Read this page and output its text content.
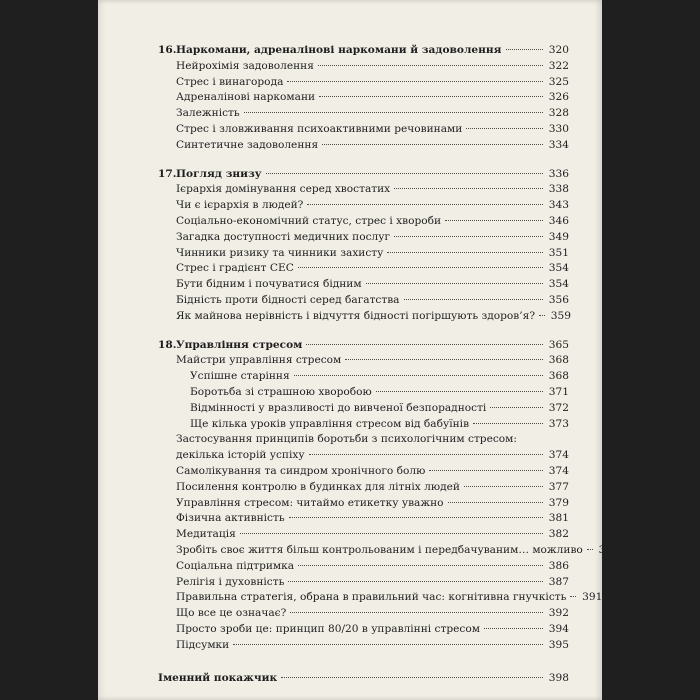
16. Наркомани, адреналінові наркомани й задоволення	320
Нейрохімія задоволення	322
Стрес і винагорода	325
Адреналінові наркомани	326
Залежність	328
Стрес і зловживання психоактивними речовинами	330
Синтетичне задоволення	334
17. Погляд знизу	336
Ієрархія домінування серед хвостатих	338
Чи є ієрархія в людей?	343
Соціально-економічний статус, стрес і хвороби	346
Загадка доступності медичних послуг	349
Чинники ризику та чинники захисту	351
Стрес і градієнт СЕС	354
Бути бідним і почуватися бідним	354
Бідність проти бідності серед багатства	356
Як майнова нерівність і відчуття бідності погіршують здоров’я? 359
18. Управління стресом	365
Майстри управління стресом	368
Успішне старіння	368
Боротьба зі страшною хворобою	371
Відмінності у вразливості до вивченої безпорадності	372
Ще кілька уроків управління стресом від бабуїнів	373
Застосування принципів боротьби з психологічним стресом:
декілька історій успіху	374
Самолікування та синдром хронічного болю	374
Посилення контролю в будинках для літніх людей	377
Управління стресом: читаймо етикетку уважно	379
Фізична активність	381
Медитація	382
Зробіть своє життя більш контрольованим і передбачуваним… можливо 383
Соціальна підтримка	386
Релігія і духовність	387
Правильна стратегія, обрана в правильний час: когнітивна гнучкість 391
Що все це означає?	392
Просто зроби це: принцип 80/20 в управлінні стресом	394
Підсумки	395
Іменний покажчик	398
